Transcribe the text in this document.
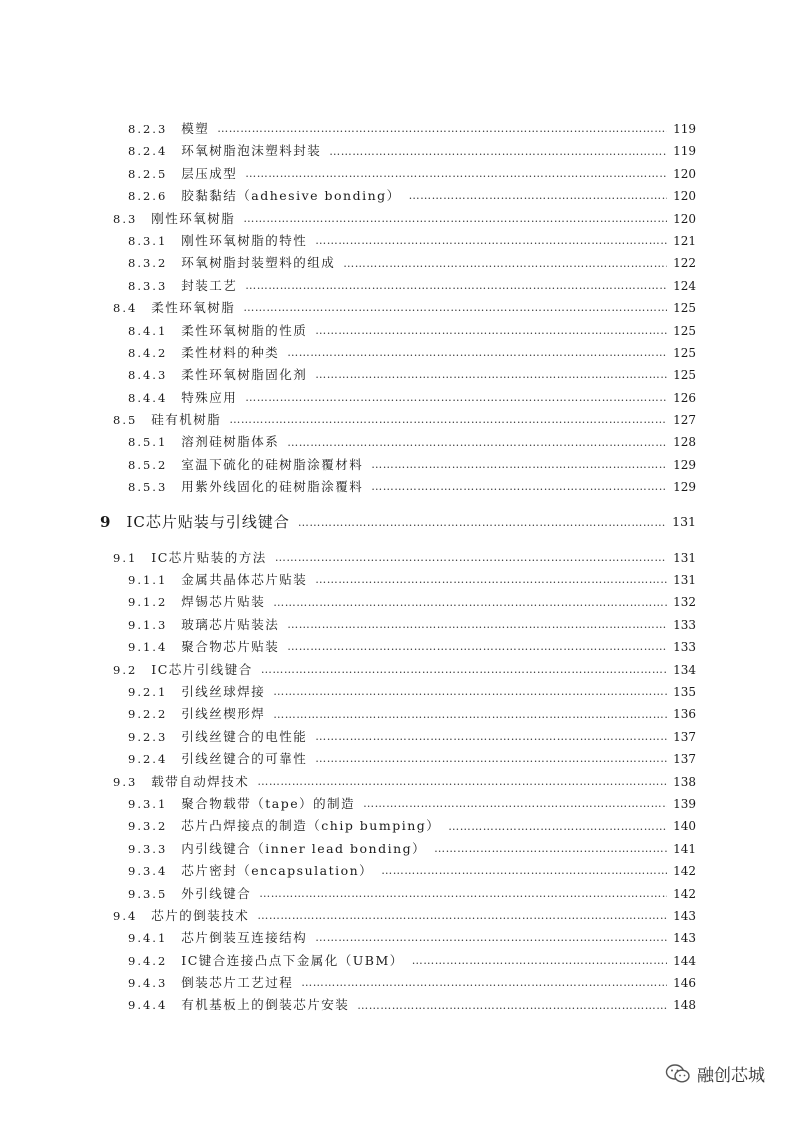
8.2.3 模塑 …………………………………………………………………………………………………………………………………………	119
8.2.4 环氧树脂泡沫塑料封装 …………………………………………………………………………………………………………………………………………	119
8.2.5 层压成型 …………………………………………………………………………………………………………………………………………	120
8.2.6 胶黏黏结（adhesive bonding） …………………………………………………………………………………………………………………………………………	120
8.3 刚性环氧树脂 …………………………………………………………………………………………………………………………………………	120
8.3.1 刚性环氧树脂的特性 …………………………………………………………………………………………………………………………………………	121
8.3.2 环氧树脂封装塑料的组成 …………………………………………………………………………………………………………………………………………	122
8.3.3 封装工艺 …………………………………………………………………………………………………………………………………………	124
8.4 柔性环氧树脂 …………………………………………………………………………………………………………………………………………	125
8.4.1 柔性环氧树脂的性质 …………………………………………………………………………………………………………………………………………	125
8.4.2 柔性材料的种类 …………………………………………………………………………………………………………………………………………	125
8.4.3 柔性环氧树脂固化剂 …………………………………………………………………………………………………………………………………………	125
8.4.4 特殊应用 …………………………………………………………………………………………………………………………………………	126
8.5 硅有机树脂 …………………………………………………………………………………………………………………………………………	127
8.5.1 溶剂硅树脂体系 …………………………………………………………………………………………………………………………………………	128
8.5.2 室温下硫化的硅树脂涂覆材料 …………………………………………………………………………………………………………………………………………	129
8.5.3 用紫外线固化的硅树脂涂覆料 …………………………………………………………………………………………………………………………………………	129
9 IC芯片贴装与引线键合 …………………………………………………………………………………………………………………………………………	131
9.1 IC芯片贴装的方法 …………………………………………………………………………………………………………………………………………	131
9.1.1 金属共晶体芯片贴装 …………………………………………………………………………………………………………………………………………	131
9.1.2 焊锡芯片贴装 …………………………………………………………………………………………………………………………………………	132
9.1.3 玻璃芯片贴装法 …………………………………………………………………………………………………………………………………………	133
9.1.4 聚合物芯片贴装 …………………………………………………………………………………………………………………………………………	133
9.2 IC芯片引线键合 …………………………………………………………………………………………………………………………………………	134
9.2.1 引线丝球焊接 …………………………………………………………………………………………………………………………………………	135
9.2.2 引线丝楔形焊 …………………………………………………………………………………………………………………………………………	136
9.2.3 引线丝键合的电性能 …………………………………………………………………………………………………………………………………………	137
9.2.4 引线丝键合的可靠性 …………………………………………………………………………………………………………………………………………	137
9.3 载带自动焊技术 …………………………………………………………………………………………………………………………………………	138
9.3.1 聚合物载带（tape）的制造 …………………………………………………………………………………………………………………………………………	139
9.3.2 芯片凸焊接点的制造（chip bumping） …………………………………………………………………………………………………………………………………………	140
9.3.3 内引线键合（inner lead bonding） …………………………………………………………………………………………………………………………………………	141
9.3.4 芯片密封（encapsulation） …………………………………………………………………………………………………………………………………………	142
9.3.5 外引线键合 …………………………………………………………………………………………………………………………………………	142
9.4 芯片的倒装技术 …………………………………………………………………………………………………………………………………………	143
9.4.1 芯片倒装互连接结构 …………………………………………………………………………………………………………………………………………	143
9.4.2 IC键合连接凸点下金属化（UBM） …………………………………………………………………………………………………………………………………………	144
9.4.3 倒装芯片工艺过程 …………………………………………………………………………………………………………………………………………	146
9.4.4 有机基板上的倒装芯片安装 …………………………………………………………………………………………………………………………………………	148
融创芯城
